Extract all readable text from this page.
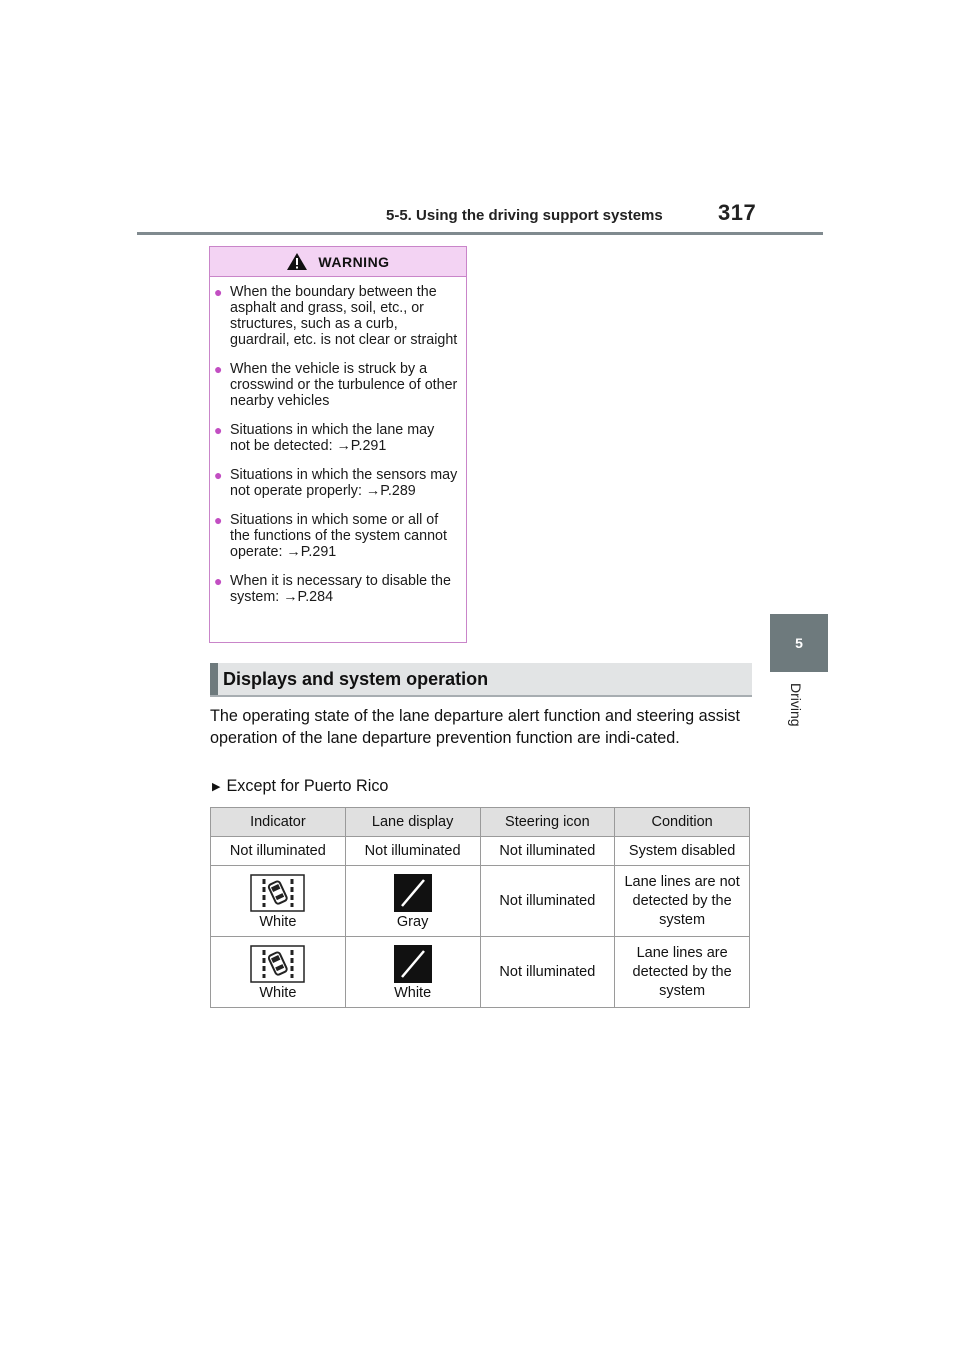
5-5. Using the driving support systems	317
5
Driving
WARNING
● When the boundary between the asphalt and grass, soil, etc., or structures, such as a curb, guardrail, etc. is not clear or straight
● When the vehicle is struck by a crosswind or the turbulence of other nearby vehicles
● Situations in which the lane may not be detected: →P.291
● Situations in which the sensors may not operate properly: →P.289
● Situations in which some or all of the functions of the system cannot operate: →P.291
● When it is necessary to disable the system: →P.284
Displays and system operation
The operating state of the lane departure alert function and steering assist operation of the lane departure prevention function are indi-cated.
▶ Except for Puerto Rico
Indicator	Lane display	Steering icon	Condition
Not illuminated	Not illuminated	Not illuminated	System disabled

White	Gray	Not illuminated	Lane lines are not detected by the system

White	White	Not illuminated	Lane lines are detected by the system
